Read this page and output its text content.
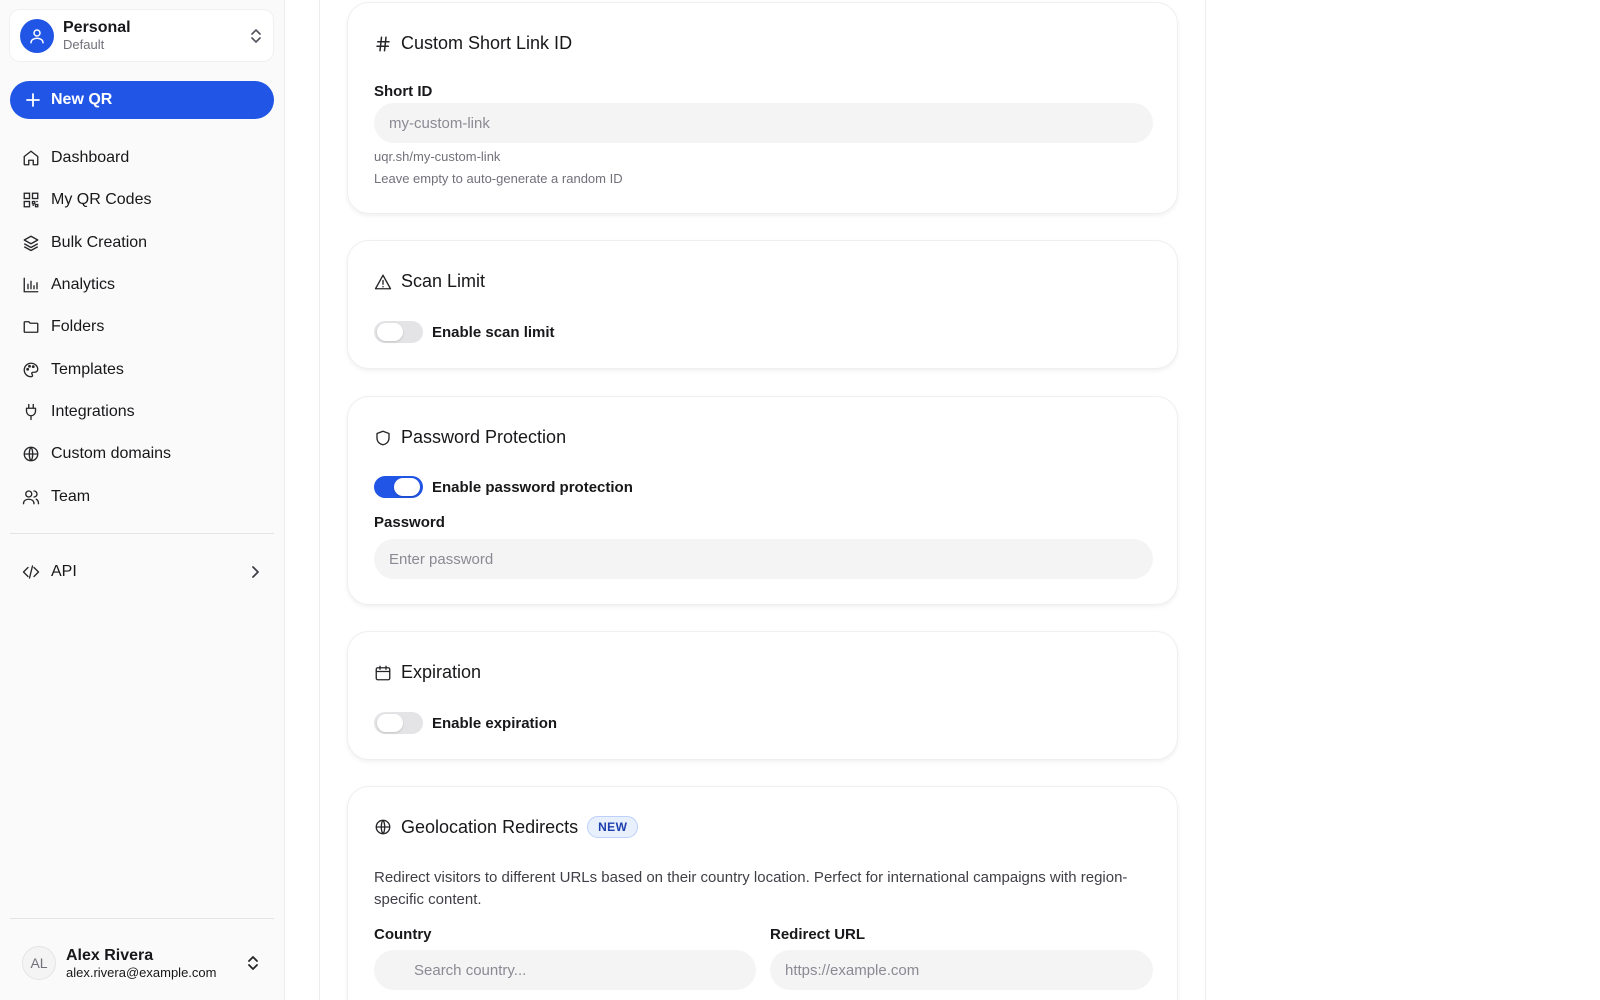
Personal
Default
New QR
Dashboard
My QR Codes
Bulk Creation
Analytics
Folders
Templates
Integrations
Custom domains
Team
API
AL	Alex Rivera
alex.rivera@example.com
Custom Short Link ID
Short ID
my-custom-link
uqr.sh/my-custom-link
Leave empty to auto-generate a random ID
Scan Limit
Enable scan limit
Password Protection
Enable password protection
Password
Expiration
Enable expiration
Geolocation Redirects	NEW
Redirect visitors to different URLs based on their country location. Perfect for international campaigns with region-specific content.
Country	Redirect URL
Search country...
https://example.com
